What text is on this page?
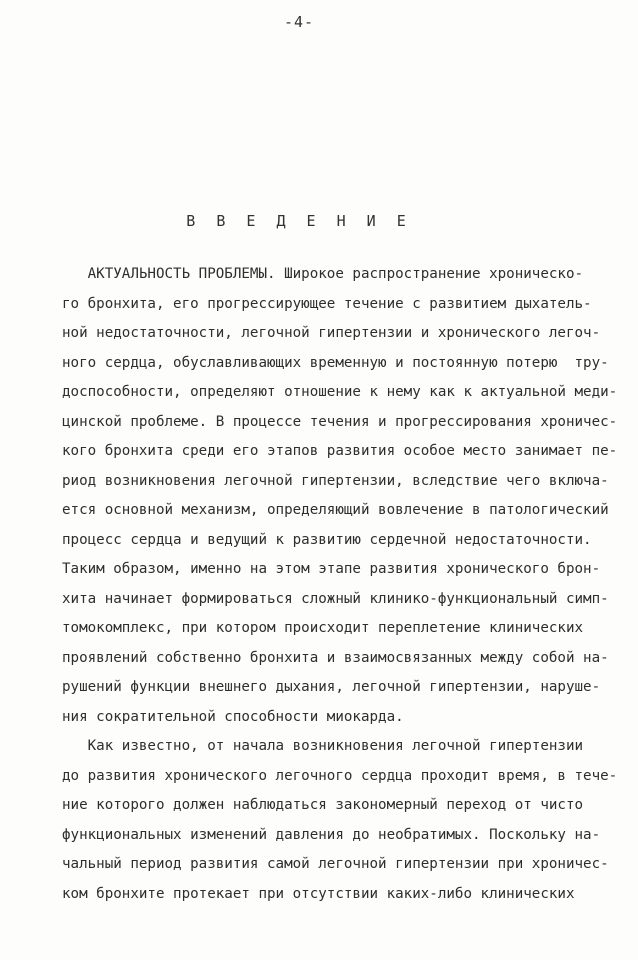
-4-
В В Е Д Е Н И Е
АКТУАЛЬНОСТЬ ПРОБЛЕМЫ. Широкое распространение хроническо-
го бронхита, его прогрессирующее течение с развитием дыхатель-
ной недостаточности, легочной гипертензии и хронического легоч-
ного сердца, обуславливающих временную и постоянную потерю  тру-
доспособности, определяют отношение к нему как к актуальной меди-
цинской проблеме. В процессе течения и прогрессирования хроничес-
кого бронхита среди его этапов развития особое место занимает пе-
риод возникновения легочной гипертензии, вследствие чего включа-
ется основной механизм, определяющий вовлечение в патологический
процесс сердца и ведущий к развитию сердечной недостаточности.
Таким образом, именно на этом этапе развития хронического брон-
хита начинает формироваться сложный клинико-функциональный симп-
томокомплекс, при котором происходит переплетение клинических
проявлений собственно бронхита и взаимосвязанных между собой на-
рушений функции внешнего дыхания, легочной гипертензии, наруше-
ния сократительной способности миокарда.
Как известно, от начала возникновения легочной гипертензии
до развития хронического легочного сердца проходит время, в тече-
ние которого должен наблюдаться закономерный переход от чисто
функциональных изменений давления до необратимых. Поскольку на-
чальный период развития самой легочной гипертензии при хроничес-
ком бронхите протекает при отсутствии каких-либо клинических
